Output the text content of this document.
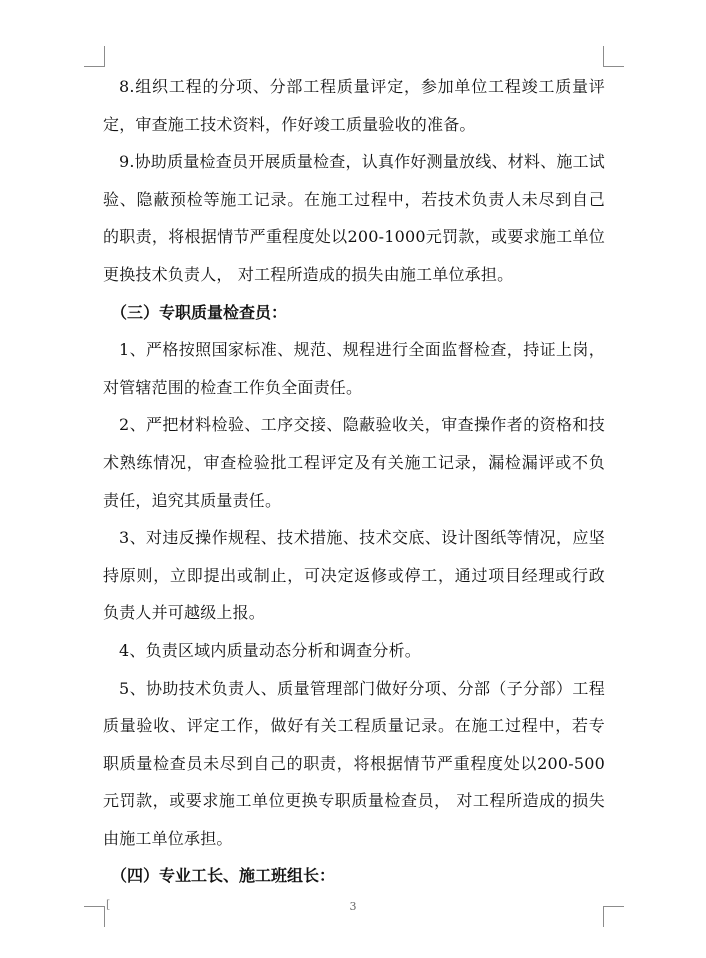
8.组织工程的分项、分部工程质量评定，参加单位工程竣工质量评定，审查施工技术资料，作好竣工质量验收的准备。

9.协助质量检查员开展质量检查，认真作好测量放线、材料、施工试验、隐蔽预检等施工记录。在施工过程中，若技术负责人未尽到自己的职责，将根据情节严重程度处以200-1000元罚款，或要求施工单位更换技术负责人， 对工程所造成的损失由施工单位承担。

（三）专职质量检查员：

1、严格按照国家标准、规范、规程进行全面监督检查，持证上岗，对管辖范围的检查工作负全面责任。

2、严把材料检验、工序交接、隐蔽验收关，审查操作者的资格和技术熟练情况，审查检验批工程评定及有关施工记录，漏检漏评或不负责任，追究其质量责任。

3、对违反操作规程、技术措施、技术交底、设计图纸等情况，应坚持原则，立即提出或制止，可决定返修或停工，通过项目经理或行政负责人并可越级上报。

4、负责区域内质量动态分析和调查分析。

5、协助技术负责人、质量管理部门做好分项、分部（子分部）工程质量验收、评定工作，做好有关工程质量记录。在施工过程中，若专职质量检查员未尽到自己的职责，将根据情节严重程度处以200-500元罚款，或要求施工单位更换专职质量检查员， 对工程所造成的损失由施工单位承担。

（四）专业工长、施工班组长：

[	3
